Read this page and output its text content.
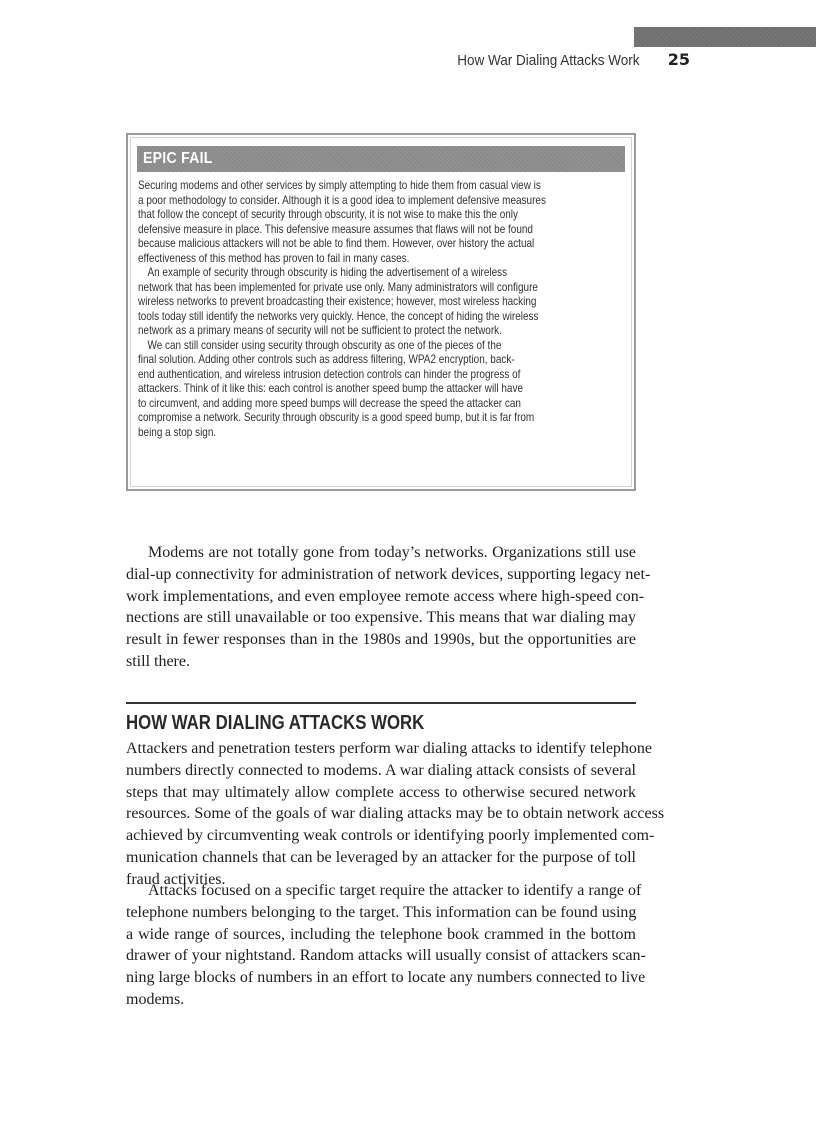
How War Dialing Attacks Work 25
EPIC FAIL

Securing modems and other services by simply attempting to hide them from casual view is
a poor methodology to consider. Although it is a good idea to implement defensive measures
that follow the concept of security through obscurity, it is not wise to make this the only
defensive measure in place. This defensive measure assumes that flaws will not be found
because malicious attackers will not be able to find them. However, over history the actual
effectiveness of this method has proven to fail in many cases.

An example of security through obscurity is hiding the advertisement of a wireless
network that has been implemented for private use only. Many administrators will configure
wireless networks to prevent broadcasting their existence; however, most wireless hacking
tools today still identify the networks very quickly. Hence, the concept of hiding the wireless
network as a primary means of security will not be sufficient to protect the network.

We can still consider using security through obscurity as one of the pieces of the
final solution. Adding other controls such as address filtering, WPA2 encryption, back-
end authentication, and wireless intrusion detection controls can hinder the progress of
attackers. Think of it like this: each control is another speed bump the attacker will have
to circumvent, and adding more speed bumps will decrease the speed the attacker can
compromise a network. Security through obscurity is a good speed bump, but it is far from
being a stop sign.

Modems are not totally gone from today’s networks. Organizations still use
dial-up connectivity for administration of network devices, supporting legacy net-
work implementations, and even employee remote access where high-speed con-
nections are still unavailable or too expensive. This means that war dialing may
result in fewer responses than in the 1980s and 1990s, but the opportunities are
still there.
HOW WAR DIALING ATTACKS WORK
Attackers and penetration testers perform war dialing attacks to identify telephone
numbers directly connected to modems. A war dialing attack consists of several
steps that may ultimately allow complete access to otherwise secured network
resources. Some of the goals of war dialing attacks may be to obtain network access
achieved by circumventing weak controls or identifying poorly implemented com-
munication channels that can be leveraged by an attacker for the purpose of toll
fraud activities.
Attacks focused on a specific target require the attacker to identify a range of
telephone numbers belonging to the target. This information can be found using
a wide range of sources, including the telephone book crammed in the bottom
drawer of your nightstand. Random attacks will usually consist of attackers scan-
ning large blocks of numbers in an effort to locate any numbers connected to live
modems.
